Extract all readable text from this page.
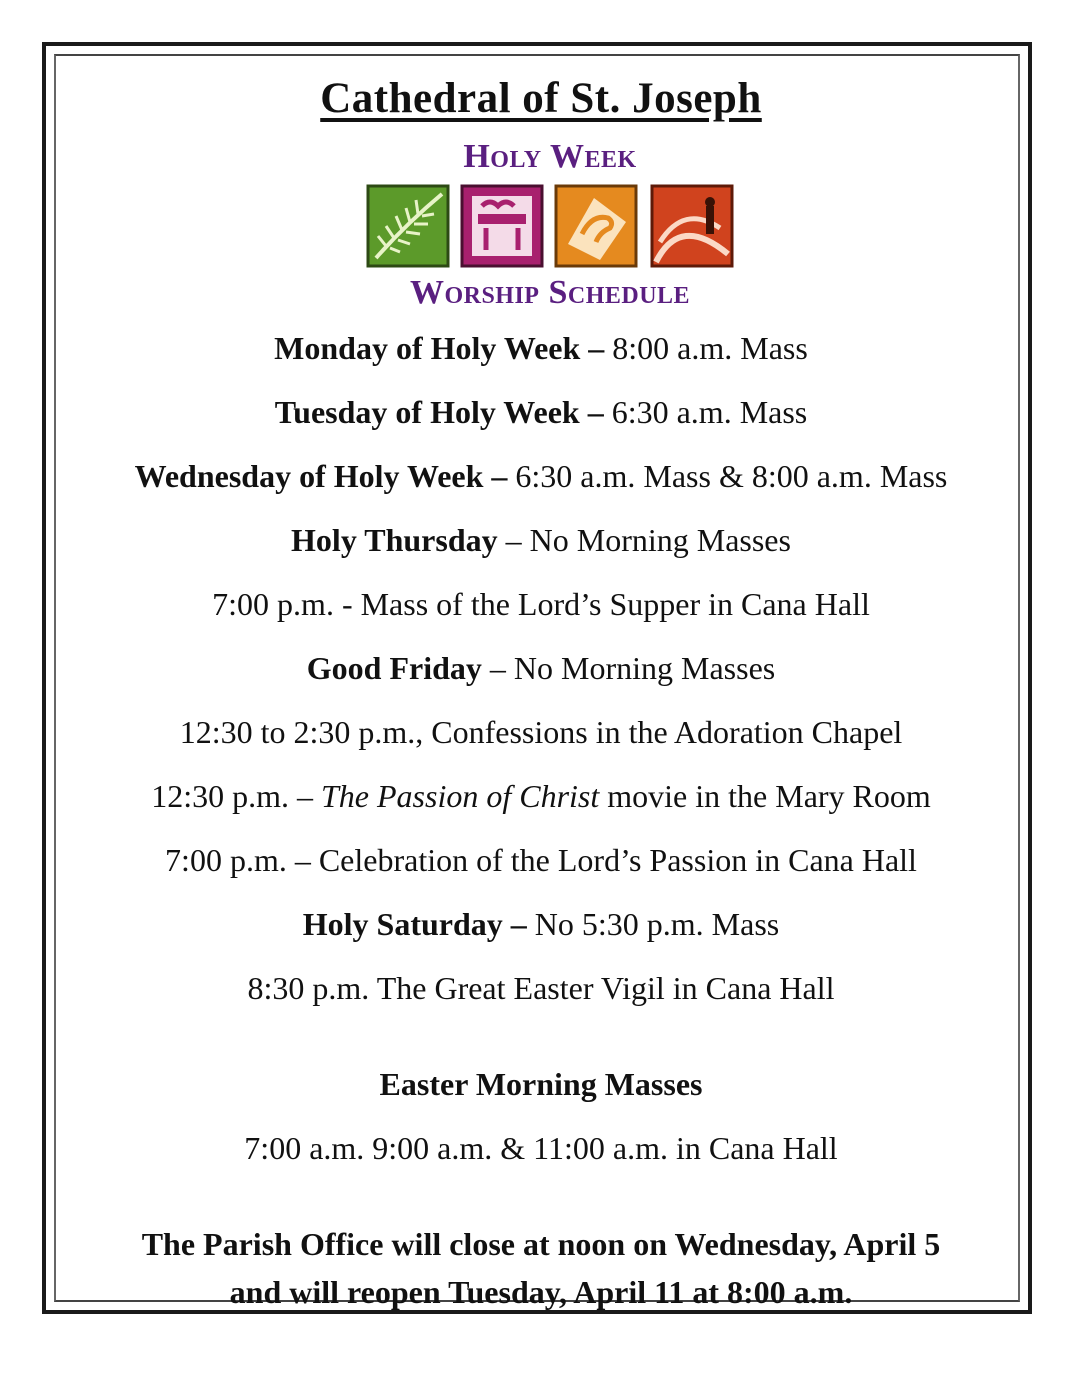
Cathedral of St. Joseph
Holy Week
Worship Schedule
Monday of Holy Week – 8:00 a.m. Mass
Tuesday of Holy Week – 6:30 a.m. Mass
Wednesday of Holy Week – 6:30 a.m. Mass & 8:00 a.m. Mass
Holy Thursday – No Morning Masses
7:00 p.m. - Mass of the Lord’s Supper in Cana Hall
Good Friday – No Morning Masses
12:30 to 2:30 p.m., Confessions in the Adoration Chapel
12:30 p.m. – The Passion of Christ movie in the Mary Room
7:00 p.m. – Celebration of the Lord’s Passion in Cana Hall
Holy Saturday – No 5:30 p.m. Mass
8:30 p.m. The Great Easter Vigil in Cana Hall
Easter Morning Masses
7:00 a.m. 9:00 a.m. & 11:00 a.m. in Cana Hall
The Parish Office will close at noon on Wednesday, April 5
and will reopen Tuesday, April 11 at 8:00 a.m.
